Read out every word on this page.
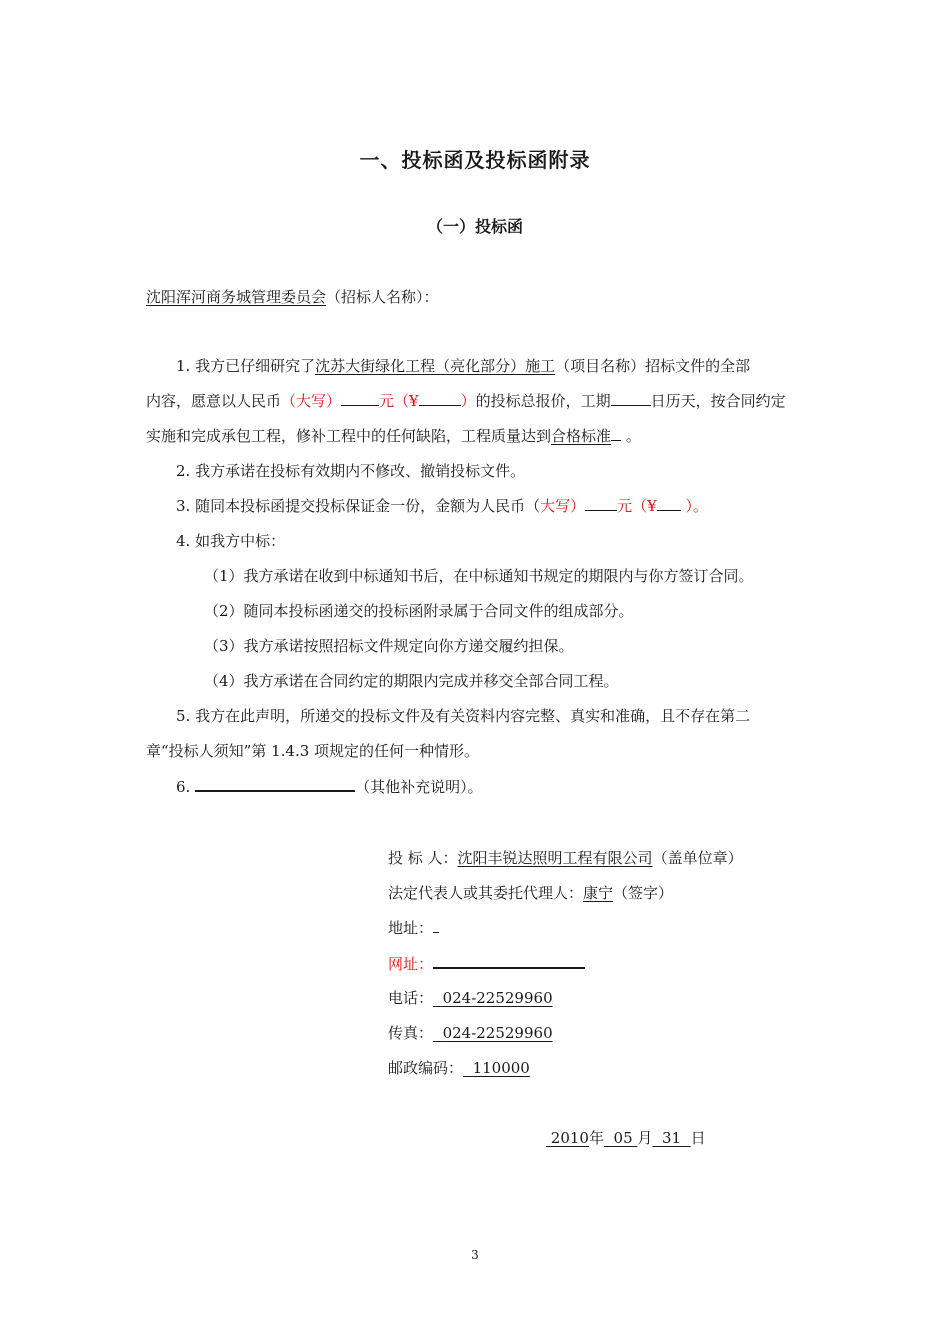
一、投标函及投标函附录
（一）投标函
沈阳浑河商务城管理委员会（招标人名称）：
1. 我方已仔细研究了沈苏大街绿化工程（亮化部分）施工（项目名称）招标文件的全部
内容，愿意以人民币（大写）	元（¥	）的投标总报价，工期	日历天，按合同约定
实施和完成承包工程，修补工程中的任何缺陷，工程质量达到合格标准 。
2. 我方承诺在投标有效期内不修改、撤销投标文件。
3. 随同本投标函提交投标保证金一份，金额为人民币（大写） 元（¥ ）。
4. 如我方中标：
（1）我方承诺在收到中标通知书后，在中标通知书规定的期限内与你方签订合同。
（2）随同本投标函递交的投标函附录属于合同文件的组成部分。
（3）我方承诺按照招标文件规定向你方递交履约担保。
（4）我方承诺在合同约定的期限内完成并移交全部合同工程。
5. 我方在此声明，所递交的投标文件及有关资料内容完整、真实和准确，且不存在第二
章“投标人须知”第 1.4.3 项规定的任何一种情形。
6.	（其他补充说明）。
投 标 人：沈阳丰锐达照明工程有限公司（盖单位章）
法定代表人或其委托代理人：康宁（签字）
地址：
网址：
电话： 024-22529960
传真： 024-22529960
邮政编码： 110000
2010年 05 月 31 日
3
